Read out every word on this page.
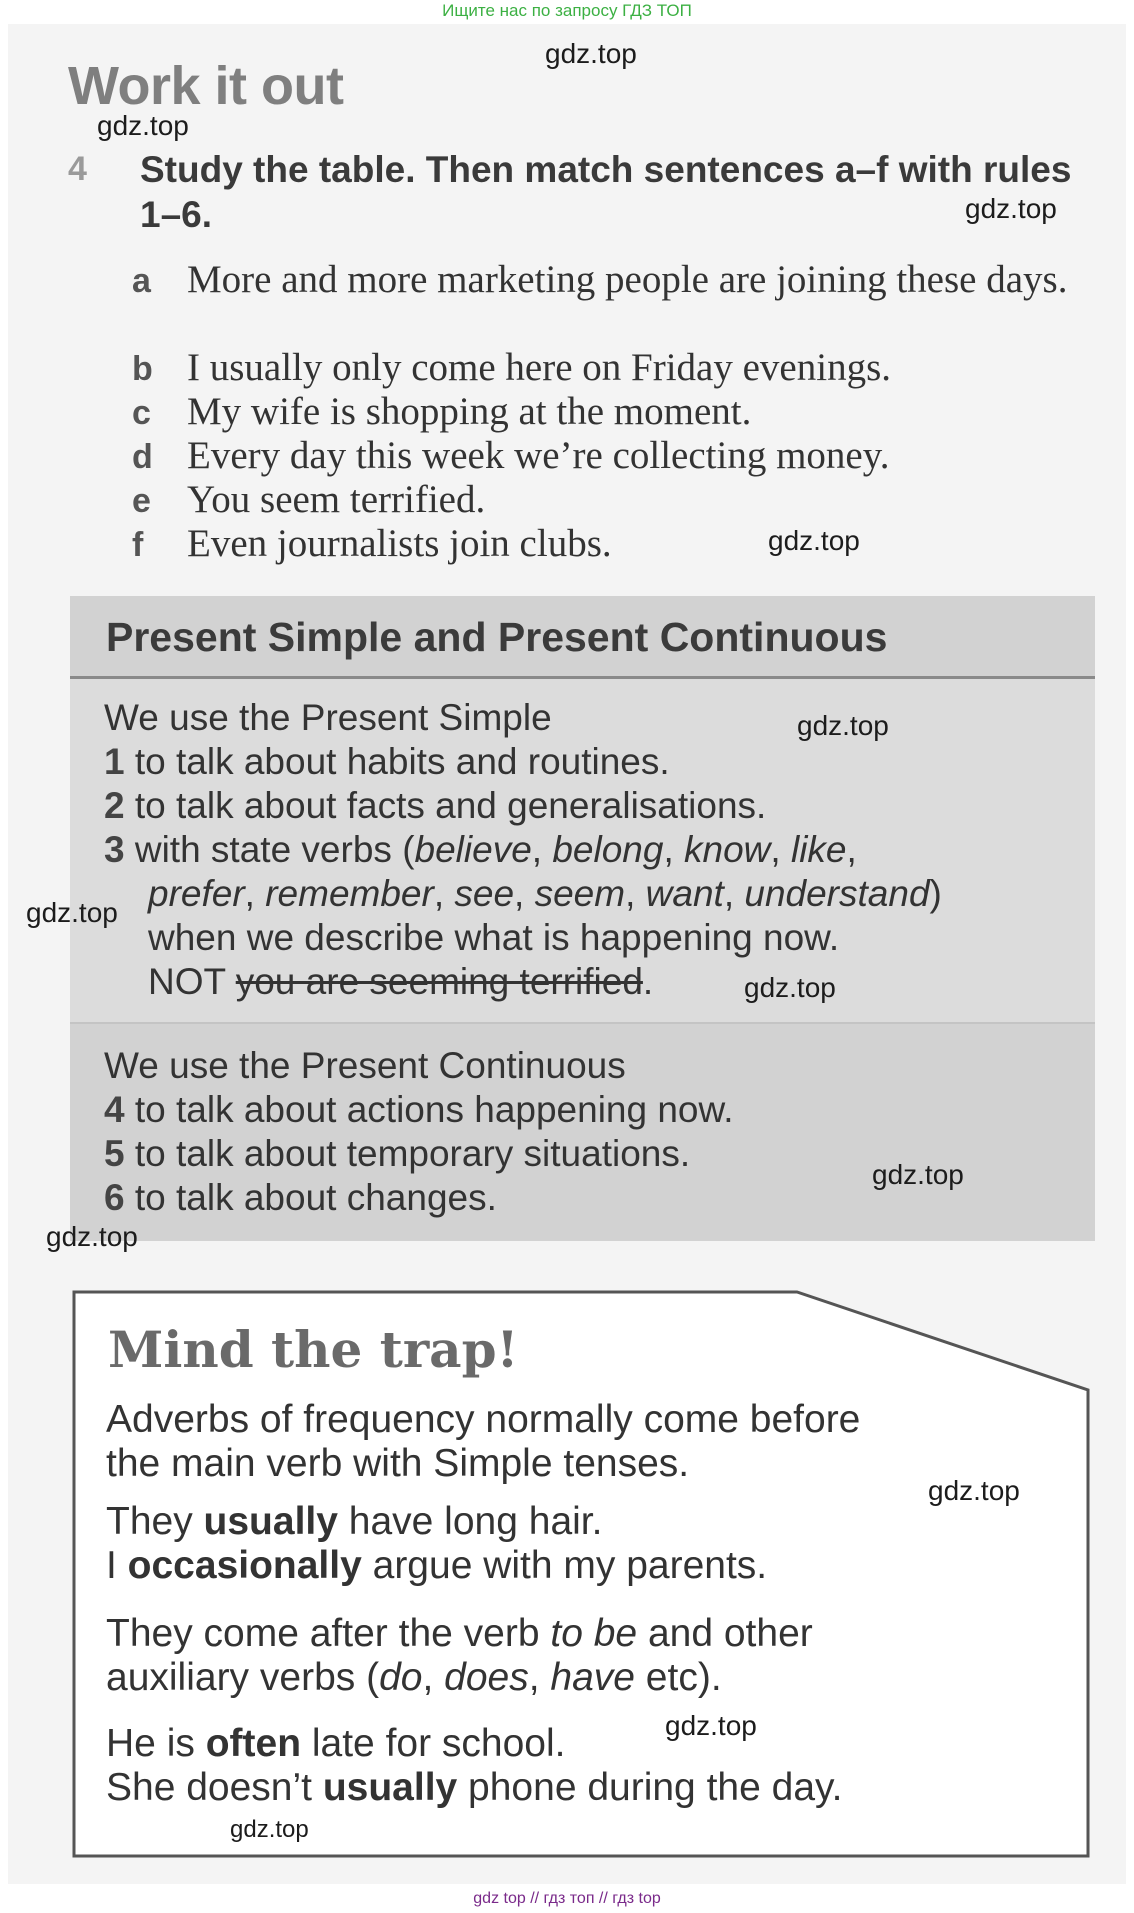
Ищите нас по запросу ГДЗ ТОП
Work it out
4 Study the table. Then match sentences a–f with rules 1–6.
a More and more marketing people are joining these days.
b I usually only come here on Friday evenings.
c My wife is shopping at the moment.
d Every day this week we’re collecting money.
e You seem terrified.
f Even journalists join clubs.
Present Simple and Present Continuous
We use the Present Simple
1 to talk about habits and routines.
2 to talk about facts and generalisations.
3 with state verbs (believe, belong, know, like,
prefer, remember, see, seem, want, understand)
when we describe what is happening now.
NOT you are seeming terrified.
We use the Present Continuous
4 to talk about actions happening now.
5 to talk about temporary situations.
6 to talk about changes.
Mind the trap!
Adverbs of frequency normally come before
the main verb with Simple tenses.
They usually have long hair.
I occasionally argue with my parents.
They come after the verb to be and other
auxiliary verbs (do, does, have etc).
He is often late for school.
She doesn’t usually phone during the day.
gdz.top
gdz.top
gdz.top
gdz.top
gdz.top
gdz.top
gdz.top
gdz.top
gdz.top
gdz.top
gdz.top
gdz.top
gdz top // гдз топ // гдз top
